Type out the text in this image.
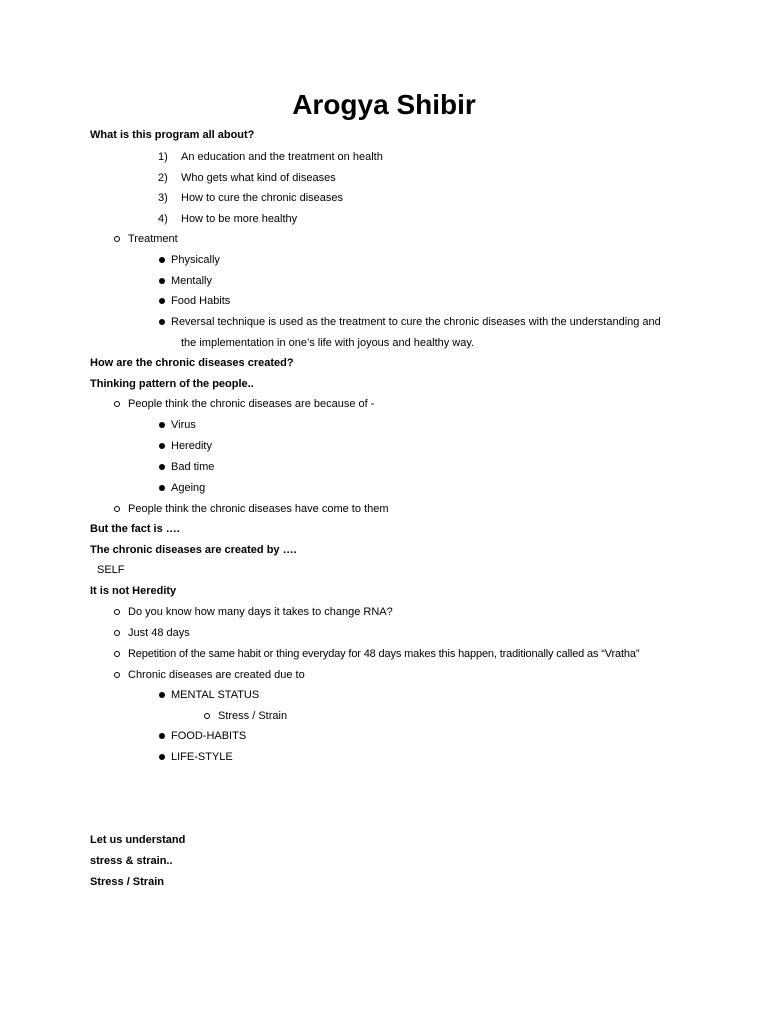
Arogya Shibir
What is this program all about?
1) An education and the treatment on health
2) Who gets what kind of diseases
3) How to cure the chronic diseases
4) How to be more healthy
Treatment
Physically
Mentally
Food Habits
Reversal technique is used as the treatment to cure the chronic diseases with the understanding and
the implementation in one’s life with joyous and healthy way.
How are the chronic diseases created?
Thinking pattern of the people..
People think the chronic diseases are because of -
Virus
Heredity
Bad time
Ageing
People think the chronic diseases have come to them
But the fact is ….
The chronic diseases are created by ….
SELF
It is not Heredity
Do you know how many days it takes to change RNA?
Just 48 days
Repetition of the same habit or thing everyday for 48 days makes this happen, traditionally called as “Vratha”
Chronic diseases are created due to
MENTAL STATUS
Stress / Strain
FOOD-HABITS
LIFE-STYLE
Let us understand
stress & strain..
Stress / Strain
